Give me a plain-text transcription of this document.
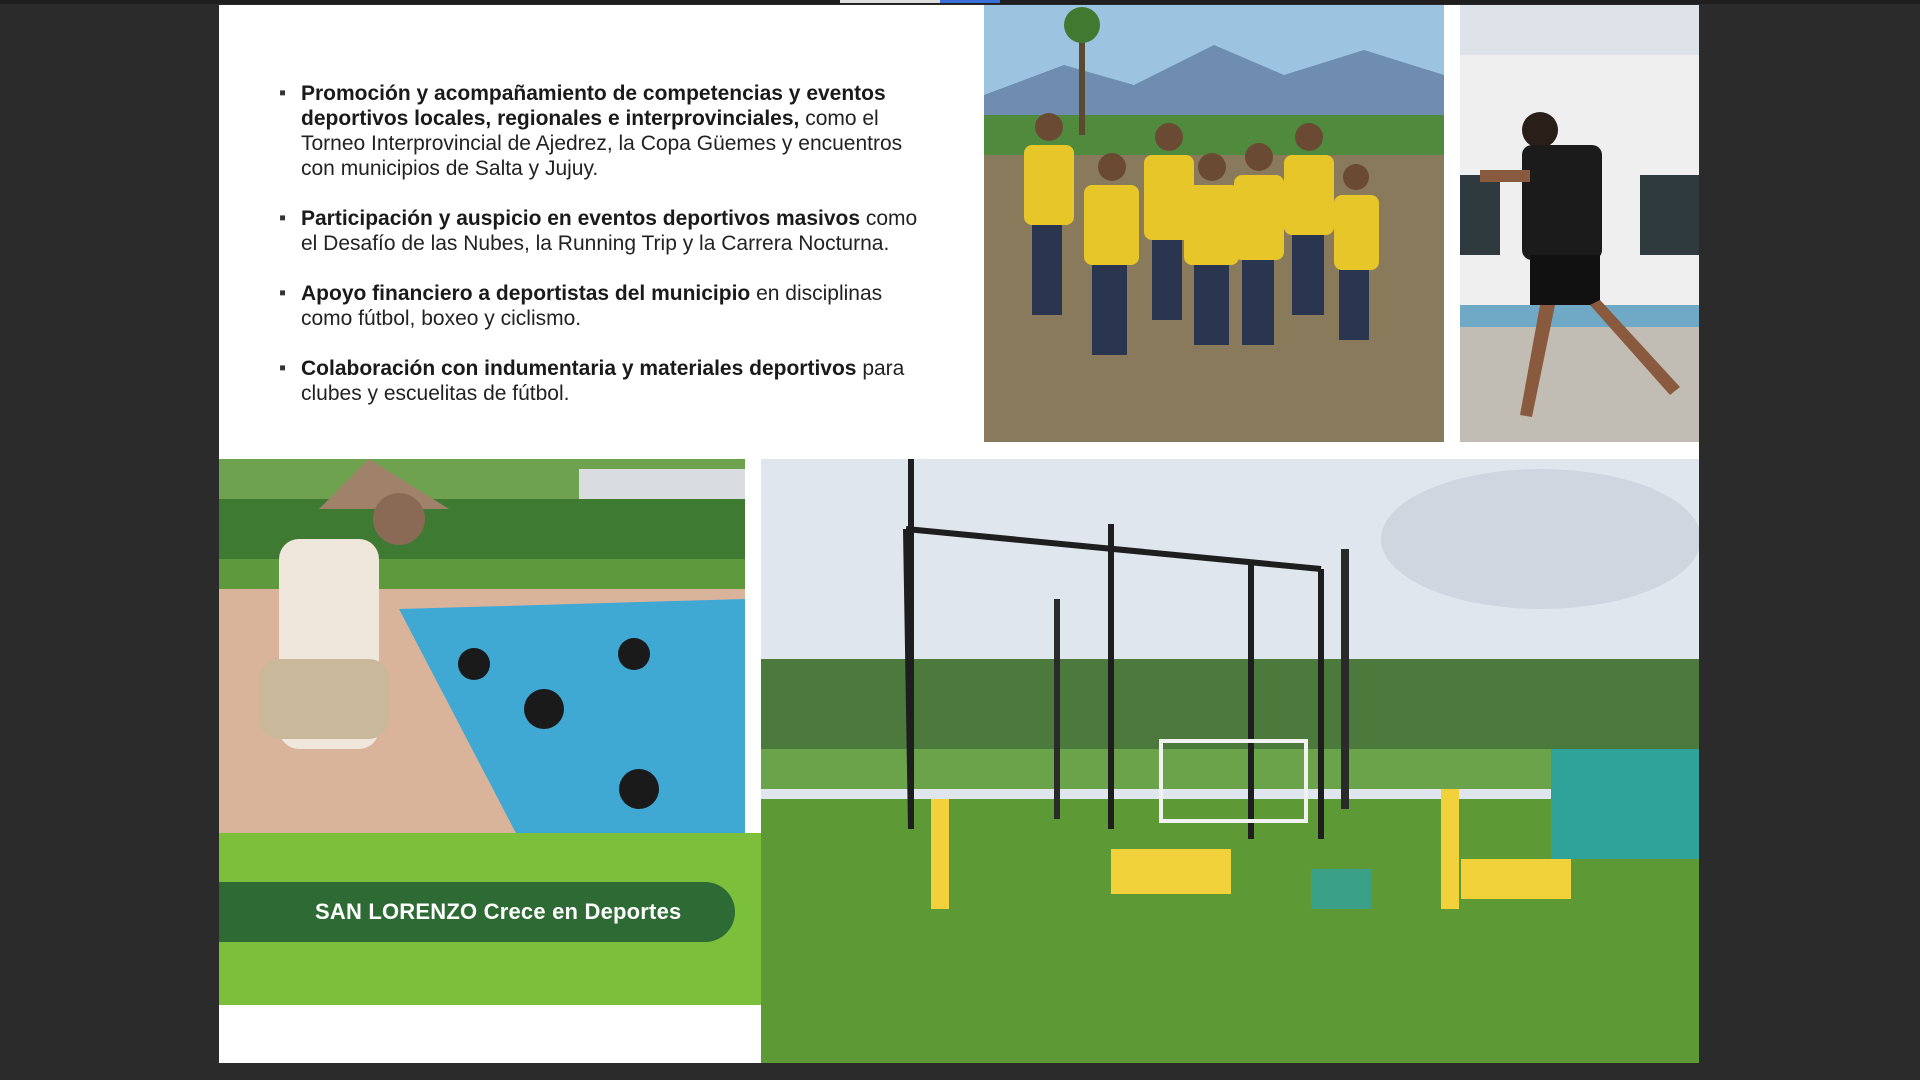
▪ Promoción y acompañamiento de competencias y eventos deportivos locales, regionales e interprovinciales, como el Torneo Interprovincial de Ajedrez, la Copa Güemes y encuentros con municipios de Salta y Jujuy.
▪ Participación y auspicio en eventos deportivos masivos como el Desafío de las Nubes, la Running Trip y la Carrera Nocturna.
▪ Apoyo financiero a deportistas del municipio en disciplinas como fútbol, boxeo y ciclismo.
▪ Colaboración con indumentaria y materiales deportivos para clubes y escuelitas de fútbol.
SAN LORENZO Crece en Deportes
